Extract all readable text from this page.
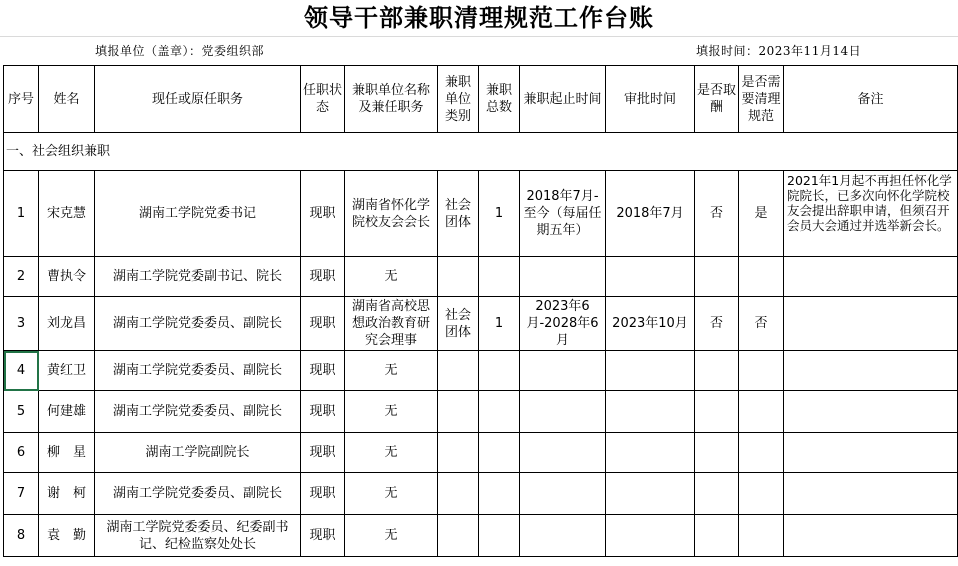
领导干部兼职清理规范工作台账
填报单位（盖章）：党委组织部	填报时间：2023年11月14日
序号	姓名	现任或原任职务	任职状态	兼职单位名称及兼任职务	兼职单位类别	兼职总数	兼职起止时间	审批时间	是否取酬	是否需要清理规范	备注
一、社会组织兼职											
1	宋克慧	湖南工学院党委书记	现职	湖南省怀化学院校友会会长	社会团体	1	2018年7月-至今（每届任期五年）	2018年7月	否	是	2021年1月起不再担任怀化学院院长，已多次向怀化学院校友会提出辞职申请，但须召开会员大会通过并选举新会长。
2	曹执令	湖南工学院党委副书记、院长	现职	无							
3	刘龙昌	湖南工学院党委委员、副院长	现职	湖南省高校思想政治教育研究会理事	社会团体	1	2023年6月-2028年6月	2023年10月	否	否	
4	黄红卫	湖南工学院党委委员、副院长	现职	无							
5	何建雄	湖南工学院党委委员、副院长	现职	无							
6	柳　星	湖南工学院副院长	现职	无							
7	谢　柯	湖南工学院党委委员、副院长	现职	无							
8	袁　勤	湖南工学院党委委员、纪委副书记、纪检监察处处长	现职	无							
